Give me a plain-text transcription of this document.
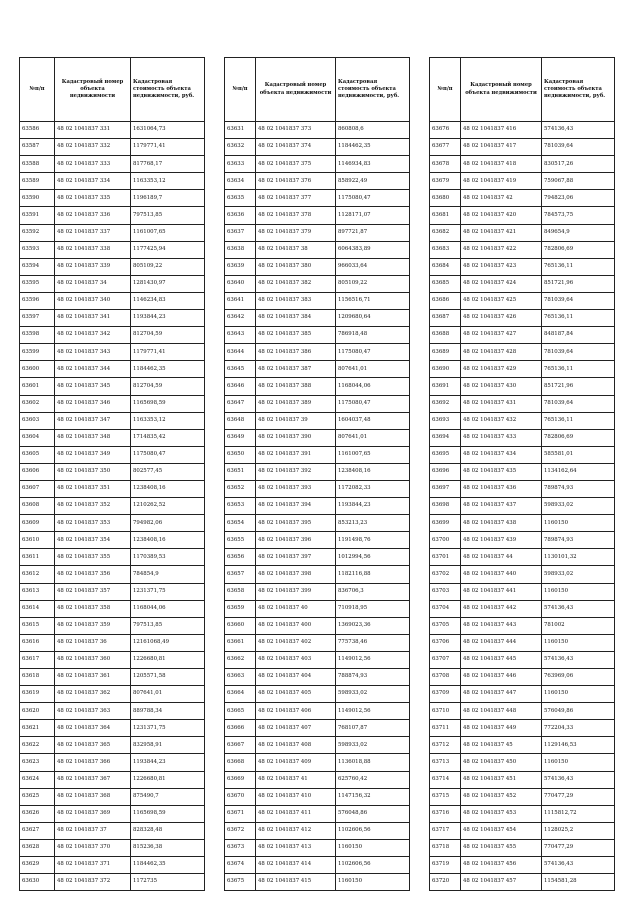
№п/п	Кадастровый номер объекта недвижимости	Кадастровая стоимость объекта недвижимости, руб.
63586	48 02 1041837 331	1631064,73
63587	48 02 1041837 332	1179771,41
63588	48 02 1041837 333	817768,17
63589	48 02 1041837 334	1163353,12
63590	48 02 1041837 335	1196189,7
63591	48 02 1041837 336	797513,85
63592	48 02 1041837 337	1161007,65
63593	48 02 1041837 338	1177425,94
63594	48 02 1041837 339	805109,22
63595	48 02 1041837 34	1281430,97
63596	48 02 1041837 340	1146234,83
63597	48 02 1041837 341	1193844,23
63598	48 02 1041837 342	812704,59
63599	48 02 1041837 343	1179771,41
63600	48 02 1041837 344	1184462,35
63601	48 02 1041837 345	812704,59
63602	48 02 1041837 346	1165698,59
63603	48 02 1041837 347	1163353,12
63604	48 02 1041837 348	1714835,42
63605	48 02 1041837 349	1175080,47
63606	48 02 1041837 350	802577,45
63607	48 02 1041837 351	1238408,16
63608	48 02 1041837 352	1210262,52
63609	48 02 1041837 353	794982,06
63610	48 02 1041837 354	1238408,16
63611	48 02 1041837 355	1170389,53
63612	48 02 1041837 356	784854,9
63613	48 02 1041837 357	1231371,75
63614	48 02 1041837 358	1168044,06
63615	48 02 1041837 359	797513,85
63616	48 02 1041837 36	12161068,49
63617	48 02 1041837 360	1226680,81
63618	48 02 1041837 361	1205571,58
63619	48 02 1041837 362	807641,01
63620	48 02 1041837 363	889788,34
63621	48 02 1041837 364	1231371,75
63622	48 02 1041837 365	832958,91
63623	48 02 1041837 366	1193844,23
63624	48 02 1041837 367	1226680,81
63625	48 02 1041837 368	875490,7
63626	48 02 1041837 369	1165698,59
63627	48 02 1041837 37	828328,48
63628	48 02 1041837 370	815236,38
63629	48 02 1041837 371	1184462,35
63630	48 02 1041837 372	1172735
№п/п	Кадастровый номер объекта недвижимости	Кадастровая стоимость объекта недвижимости, руб.
63631	48 02 1041837 373	860808,6
63632	48 02 1041837 374	1184462,35
63633	48 02 1041837 375	1146934,83
63634	48 02 1041837 376	858922,49
63635	48 02 1041837 377	1175080,47
63636	48 02 1041837 378	1128171,07
63637	48 02 1041837 379	897721,87
63638	48 02 1041837 38	6064383,89
63639	48 02 1041837 380	966033,64
63640	48 02 1041837 382	805109,22
63641	48 02 1041837 383	1156516,71
63642	48 02 1041837 384	1209680,64
63643	48 02 1041837 385	786918,48
63644	48 02 1041837 386	1175080,47
63645	48 02 1041837 387	807641,01
63646	48 02 1041837 388	1168044,06
63647	48 02 1041837 389	1175080,47
63648	48 02 1041837 39	1604037,48
63649	48 02 1041837 390	807641,01
63650	48 02 1041837 391	1161007,65
63651	48 02 1041837 392	1238408,16
63652	48 02 1041837 393	1172082,33
63653	48 02 1041837 394	1193844,23
63654	48 02 1041837 395	853213,23
63655	48 02 1041837 396	1191498,76
63656	48 02 1041837 397	1012994,56
63657	48 02 1041837 398	1182116,88
63658	48 02 1041837 399	836706,3
63659	48 02 1041837 40	710918,95
63660	48 02 1041837 400	1369023,36
63661	48 02 1041837 402	775738,46
63662	48 02 1041837 403	1149012,56
63663	48 02 1041837 404	788874,93
63664	48 02 1041837 405	598933,02
63665	48 02 1041837 406	1149012,56
63666	48 02 1041837 407	768107,87
63667	48 02 1041837 408	598933,02
63668	48 02 1041837 409	1136018,88
63669	48 02 1041837 41	625760,42
63670	48 02 1041837 410	1147156,32
63671	48 02 1041837 411	576048,86
63672	48 02 1041837 412	1102606,56
63673	48 02 1041837 413	1160150
63674	48 02 1041837 414	1102606,56
63675	48 02 1041837 415	1160150
№п/п	Кадастровый номер объекта недвижимости	Кадастровая стоимость объекта недвижимости, руб.
63676	48 02 1041837 416	574136,43
63677	48 02 1041837 417	781039,64
63678	48 02 1041837 418	830517,26
63679	48 02 1041837 419	759067,88
63680	48 02 1041837 42	794823,06
63681	48 02 1041837 420	784573,75
63682	48 02 1041837 421	849654,9
63683	48 02 1041837 422	782806,69
63684	48 02 1041837 423	765136,11
63685	48 02 1041837 424	851721,96
63686	48 02 1041837 425	781039,64
63687	48 02 1041837 426	765136,11
63688	48 02 1041837 427	848187,84
63689	48 02 1041837 428	781039,64
63690	48 02 1041837 429	765136,11
63691	48 02 1041837 430	851721,96
63692	48 02 1041837 431	781039,64
63693	48 02 1041837 432	765136,11
63694	48 02 1041837 433	782806,69
63695	48 02 1041837 434	585581,01
63696	48 02 1041837 435	1134162,64
63697	48 02 1041837 436	789874,93
63698	48 02 1041837 437	598933,02
63699	48 02 1041837 438	1160150
63700	48 02 1041837 439	789874,93
63701	48 02 1041837 44	1130101,32
63702	48 02 1041837 440	598933,02
63703	48 02 1041837 441	1160150
63704	48 02 1041837 442	574136,43
63705	48 02 1041837 443	781002
63706	48 02 1041837 444	1160150
63707	48 02 1041837 445	574136,43
63708	48 02 1041837 446	763969,06
63709	48 02 1041837 447	1160150
63710	48 02 1041837 448	576049,86
63711	48 02 1041837 449	772204,33
63712	48 02 1041837 45	1129146,53
63713	48 02 1041837 450	1160150
63714	48 02 1041837 451	574136,43
63715	48 02 1041837 452	770477,29
63716	48 02 1041837 453	1115812,72
63717	48 02 1041837 454	1128025,2
63718	48 02 1041837 455	770477,29
63719	48 02 1041837 456	574136,43
63720	48 02 1041837 457	1154581,28
